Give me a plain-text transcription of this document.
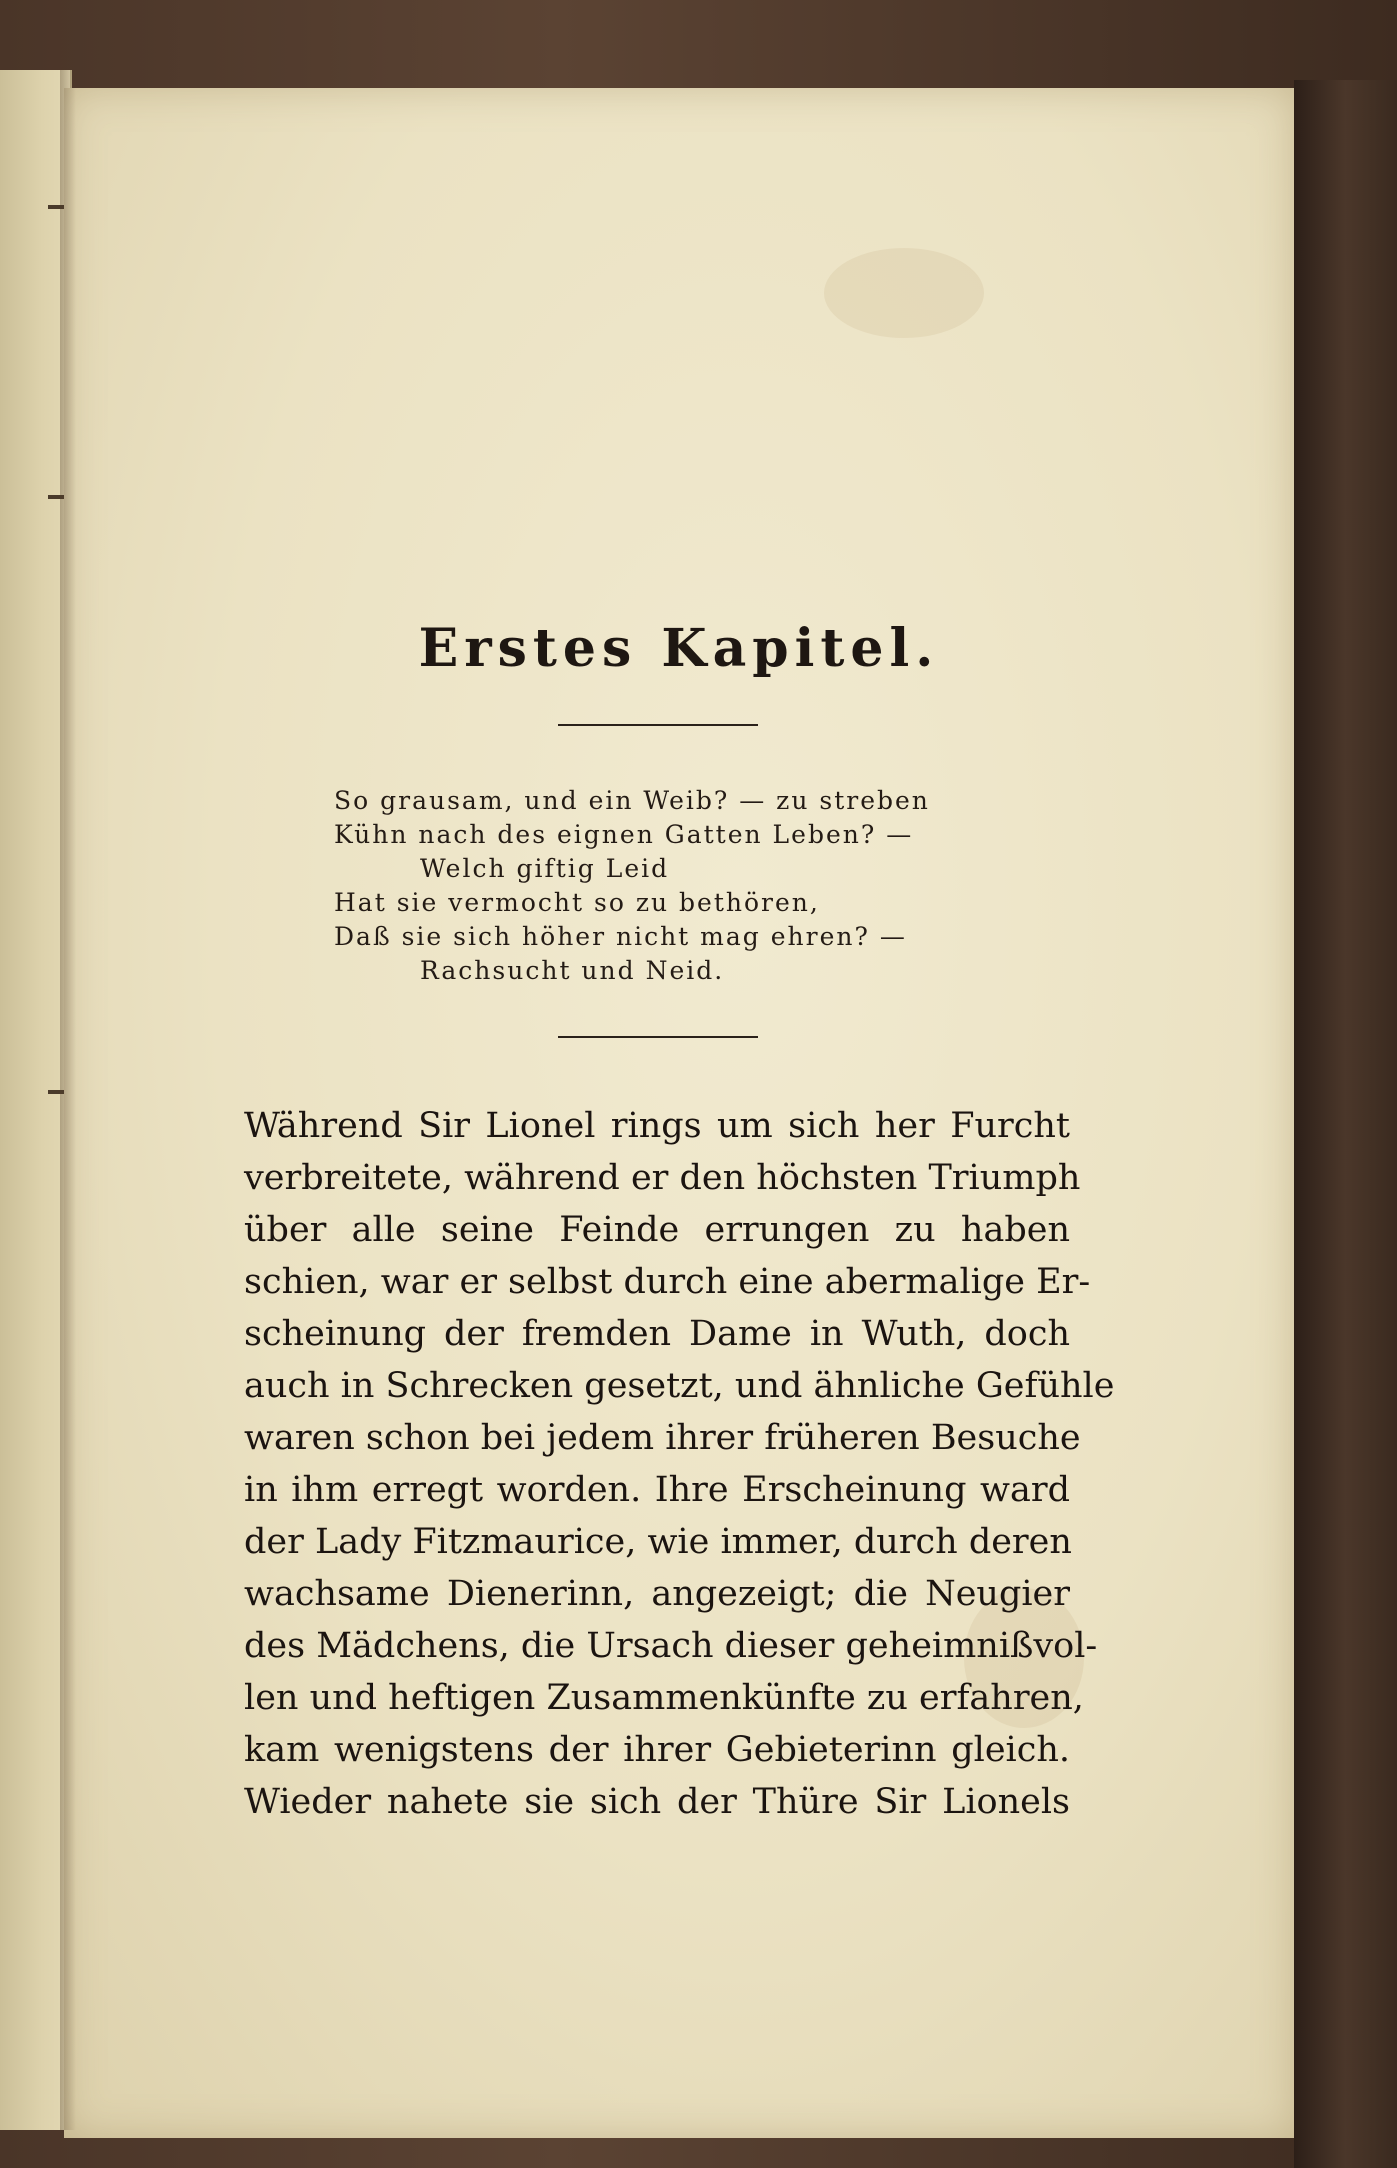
Erstes Kapitel.
So grausam, und ein Weib? — zu streben
Kühn nach des eignen Gatten Leben? —
Welch giftig Leid
Hat sie vermocht so zu bethören,
Daß sie sich höher nicht mag ehren? —
Rachsucht und Neid.
Während Sir Lionel rings um sich her Furcht
verbreitete, während er den höchsten Triumph
über alle seine Feinde errungen zu haben
schien, war er selbst durch eine abermalige Er-
scheinung der fremden Dame in Wuth, doch
auch in Schrecken gesetzt, und ähnliche Gefühle
waren schon bei jedem ihrer früheren Besuche
in ihm erregt worden. Ihre Erscheinung ward
der Lady Fitzmaurice, wie immer, durch deren
wachsame Dienerinn, angezeigt; die Neugier
des Mädchens, die Ursach dieser geheimnißvol-
len und heftigen Zusammenkünfte zu erfahren,
kam wenigstens der ihrer Gebieterinn gleich.
Wieder nahete sie sich der Thüre Sir Lionels
